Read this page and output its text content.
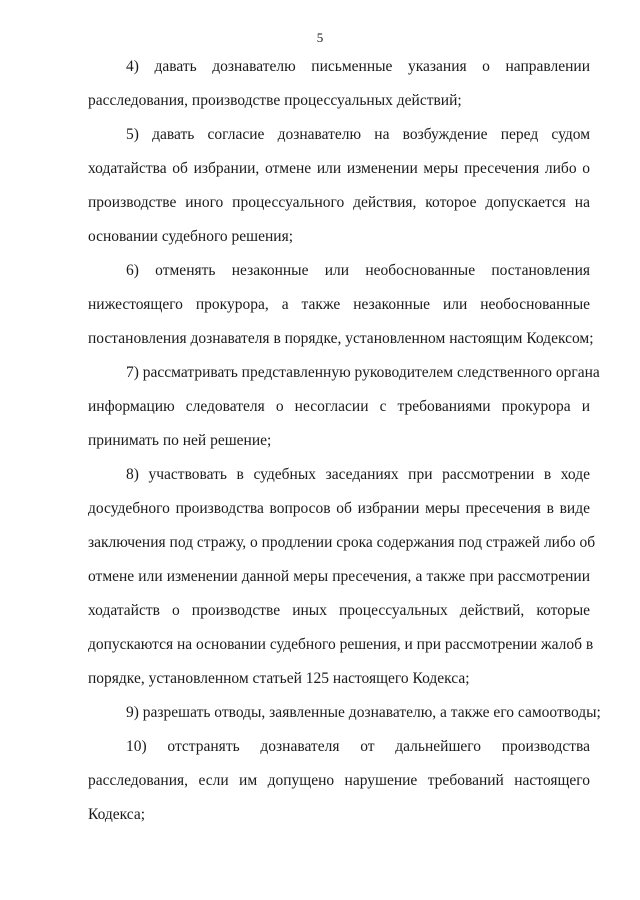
5
4) давать дознавателю письменные указания о направлении
расследования, производстве процессуальных действий;
5) давать согласие дознавателю на возбуждение перед судом
ходатайства об избрании, отмене или изменении меры пресечения либо о
производстве иного процессуального действия, которое допускается на
основании судебного решения;
6) отменять незаконные или необоснованные постановления
нижестоящего прокурора, а также незаконные или необоснованные
постановления дознавателя в порядке, установленном настоящим Кодексом;
7) рассматривать представленную руководителем следственного органа
информацию следователя о несогласии с требованиями прокурора и
принимать по ней решение;
8) участвовать в судебных заседаниях при рассмотрении в ходе
досудебного производства вопросов об избрании меры пресечения в виде
заключения под стражу, о продлении срока содержания под стражей либо об
отмене или изменении данной меры пресечения, а также при рассмотрении
ходатайств о производстве иных процессуальных действий, которые
допускаются на основании судебного решения, и при рассмотрении жалоб в
порядке, установленном статьей 125 настоящего Кодекса;
9) разрешать отводы, заявленные дознавателю, а также его самоотводы;
10) отстранять дознавателя от дальнейшего производства
расследования, если им допущено нарушение требований настоящего
Кодекса;
